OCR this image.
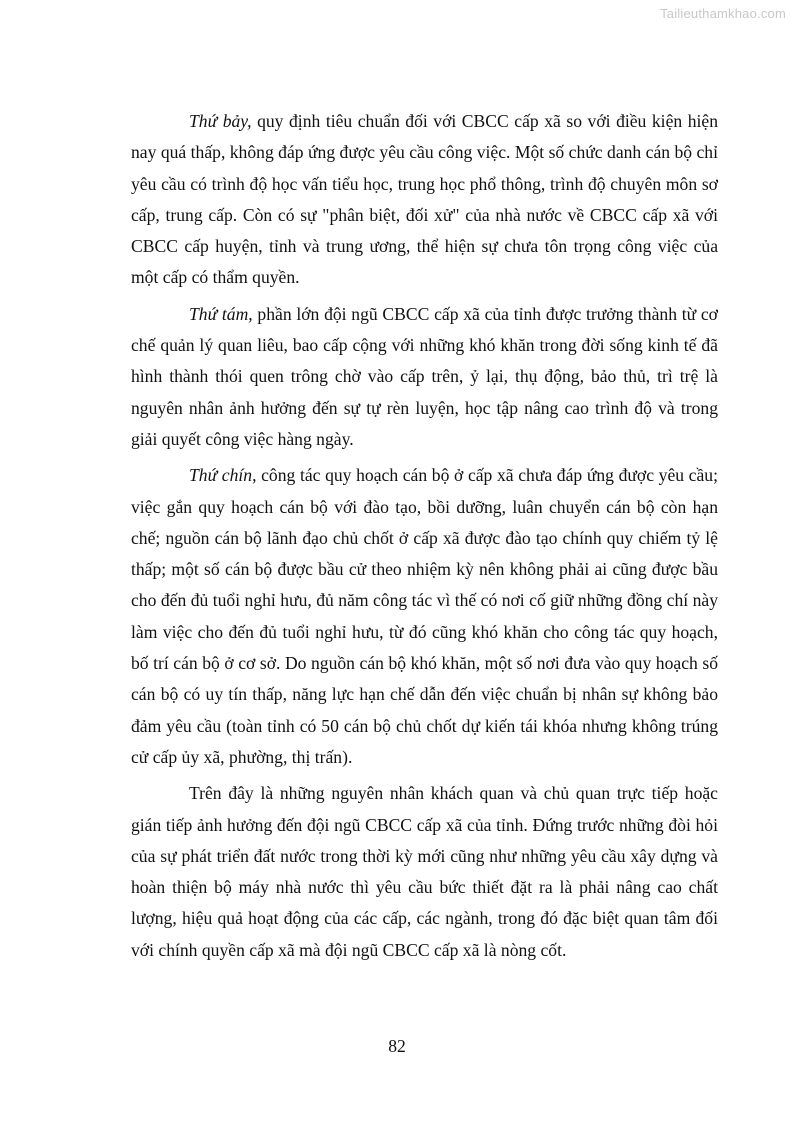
Tailieuthamkhao.com

Thứ bảy, quy định tiêu chuẩn đối với CBCC cấp xã so với điều kiện hiện nay quá thấp, không đáp ứng được yêu cầu công việc. Một số chức danh cán bộ chỉ yêu cầu có trình độ học vấn tiểu học, trung học phổ thông, trình độ chuyên môn sơ cấp, trung cấp. Còn có sự "phân biệt, đối xử" của nhà nước về CBCC cấp xã với CBCC cấp huyện, tỉnh và trung ương, thể hiện sự chưa tôn trọng công việc của một cấp có thẩm quyền.

Thứ tám, phần lớn đội ngũ CBCC cấp xã của tỉnh được trưởng thành từ cơ chế quản lý quan liêu, bao cấp cộng với những khó khăn trong đời sống kinh tế đã hình thành thói quen trông chờ vào cấp trên, ỷ lại, thụ động, bảo thủ, trì trệ là nguyên nhân ảnh hưởng đến sự tự rèn luyện, học tập nâng cao trình độ và trong giải quyết công việc hàng ngày.

Thứ chín, công tác quy hoạch cán bộ ở cấp xã chưa đáp ứng được yêu cầu; việc gắn quy hoạch cán bộ với đào tạo, bồi dưỡng, luân chuyển cán bộ còn hạn chế; nguồn cán bộ lãnh đạo chủ chốt ở cấp xã được đào tạo chính quy chiếm tỷ lệ thấp; một số cán bộ được bầu cử theo nhiệm kỳ nên không phải ai cũng được bầu cho đến đủ tuổi nghỉ hưu, đủ năm công tác vì thế có nơi cố giữ những đồng chí này làm việc cho đến đủ tuổi nghỉ hưu, từ đó cũng khó khăn cho công tác quy hoạch, bố trí cán bộ ở cơ sở. Do nguồn cán bộ khó khăn, một số nơi đưa vào quy hoạch số cán bộ có uy tín thấp, năng lực hạn chế dẫn đến việc chuẩn bị nhân sự không bảo đảm yêu cầu (toàn tỉnh có 50 cán bộ chủ chốt dự kiến tái khóa nhưng không trúng cử cấp ủy xã, phường, thị trấn).

Trên đây là những nguyên nhân khách quan và chủ quan trực tiếp hoặc gián tiếp ảnh hưởng đến đội ngũ CBCC cấp xã của tỉnh. Đứng trước những đòi hỏi của sự phát triển đất nước trong thời kỳ mới cũng như những yêu cầu xây dựng và hoàn thiện bộ máy nhà nước thì yêu cầu bức thiết đặt ra là phải nâng cao chất lượng, hiệu quả hoạt động của các cấp, các ngành, trong đó đặc biệt quan tâm đối với chính quyền cấp xã mà đội ngũ CBCC cấp xã là nòng cốt.

82
